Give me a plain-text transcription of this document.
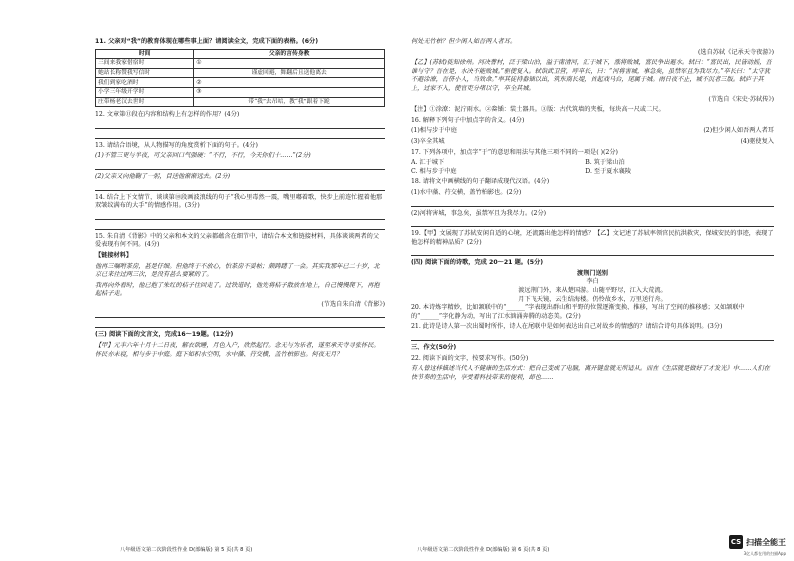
11. 父亲对“我”的教育体现在哪些事上面？请阅读全文，完成下面的表格。(6分)

时间	父亲的言传身教
三间来我家借宿时	①
她站长称赞我写信时	谨虚回避，舞翻后且送他离去
我们到家吃酒时	②
小学三年级开学时	③
庄带杨老汉去世时	带“我”去吊唁，教“我”跟着下跪

12. 文章第⑪段在内容和结构上有怎样的作用？(4分)

13. 请结合语境，从人物描写的角度赏析下面的句子。(4分)

(1)不管三更与半夜，可父亲回口气强硬：“不行，不行，今天你们十……”(2分)

(2)父亲又向他鞠了一躬，目送他渐渐远去。(2分)

14. 结合上下文情节，谈谈第⑩段画波浪线的句子“我心里毒然一震，嘴里嘟着歌，快步上前连忙握着他那双皱纹满布的大手”的情感作用。(3分)

15. 朱自清《背影》中的父亲和本文的父亲都蕴含在细节中，请结合本文和链接材料，具体谈谈两者的父爱表现有何不同。(4分)

【链接材料】

他再三嘱咐茶房，甚是仔细。但他终于不放心，怕茶房不妥帖；颇踌躇了一会。其实我那年已二十岁，北京已来往过两三次，是没有甚么要紧的了。

我再向外看时，他已抱了朱红的桔子往回走了。过铁道时，他先将桔子散放在地上，自己慢慢爬下，再抱起桔子走。

(节选自朱自清《背影》)

(三) 阅读下面的文言文，完成16～19题。(12分)

【甲】元丰六年十月十二日夜，解衣欲睡，月色入户，欣然起行。念无与为乐者，遂至承天寺寻张怀民。怀民亦未寝，相与步于中庭。庭下如积水空明，水中藻、荇交横，盖竹柏影也。何夜无月？

八年级语文第二次阶段性作业 D(部编版) 第 5 页(共 8 页)

何处无竹柏？但少闲人如吾两人者耳。

(选自苏轼《记承天寺夜游》)

【乙】(苏轼)徙知徐州。河决曹村，泛于梁山泊，溢于南清河，汇于城下，涨将败城，富民争出避水。轼曰：“富民出，民皆动摇，吾谁与守？吾在是，水决不能败城。”驱使复入。轼诣武卫营，呼卒长，曰：“河将害城，事急矣，虽禁军且为我尽力。”卒长曰：“太守犹不避涂潦，吾侪小人，当效命。”率其徒持畚锸以出，筑东南长堤，首起戏马台，尾属于城。雨日夜不止，城不沉者三版。轼庐于其上，过家不入，使官吏分堵以守，卒全其城。

(节选自《宋史·苏轼传》)

【注】①涂潦：泥泞雨水。②畚锸：装土器具。③版：古代筑墙的夹板，每块高一尺或二尺。

16. 解释下列句子中加点字的含义。(4分)

(1)相与步于中庭	(2)但少闲人如吾两人者耳
(3)卒全其城	(4)驱使复入

17. 下列各项中，加点字“于”的意思和用法与其他三项不同的一项是( )(2分)

A. 汇于城下	B. 筑于梁山泊 C. 相与步于中庭	D. 至于夏水襄陵

18. 请将文中画横线的句子翻译成现代汉语。(4分)

(1)水中藻、荇交横，盖竹柏影也。(2分)

(2)河将害城，事急矣，虽禁军且为我尽力。(2分)

19.【甲】文展现了苏轼安闲自适的心境，还流露出他怎样的情感？【乙】文记述了苏轼率领官民抗洪救灾，保城安民的事迹，表现了他怎样的精神品质？(2分)

(四) 阅读下面的诗歌，完成 20～21 题。(5分)

渡荆门送别

李白

渡远荆门外，来从楚国游。山随平野尽，江入大荒流。

月下飞天镜，云生结海楼。仍怜故乡水，万里送行舟。

20. 本诗炼字精妙，比如颔联中的“______”字表现出群山和平野的位置逐渐变换、推移，写出了空间的推移感；又如颔联中的“______”字化静为动，写出了江水汹涌奔腾的动态美。(2分)

21. 此诗是诗人第一次出蜀时所作，诗人在尾联中是如何表达出自己对故乡的情感的？请结合诗句具体说明。(3分)

三、作文(50分)

22. 阅读下面的文字，按要求写作。(50分)

有人曾这样描述当代人不健康的生活方式：把自己变成了电脑，离开键盘就无所适从。而在《生活就是做好了才发光》中……人们在快节奏的生活中，享受着科技带来的便利，却也……

八年级语文第二次阶段性作业 D(部编版) 第 6 页(共 8 页)
CS 扫描全能王
3亿人都在用的扫描App
